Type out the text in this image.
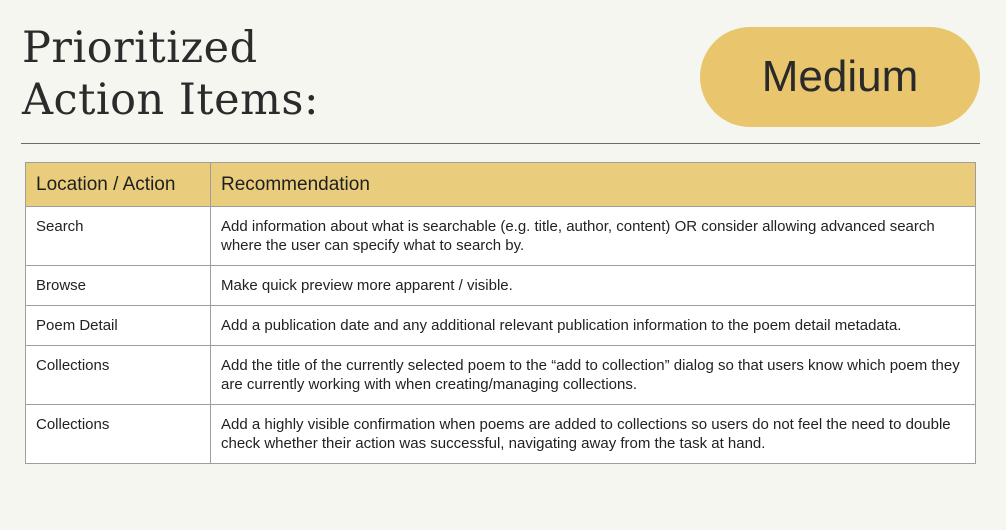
Prioritized
Action Items:	Medium
Location / Action	Recommendation
Search	Add information about what is searchable (e.g. title, author, content) OR consider allowing advanced search where the user can specify what to search by.
Browse	Make quick preview more apparent / visible.
Poem Detail	Add a publication date and any additional relevant publication information to the poem detail metadata.
Collections	Add the title of the currently selected poem to the “add to collection” dialog so that users know which poem they are currently working with when creating/managing collections.
Collections	Add a highly visible confirmation when poems are added to collections so users do not feel the need to double check whether their action was successful, navigating away from the task at hand.
